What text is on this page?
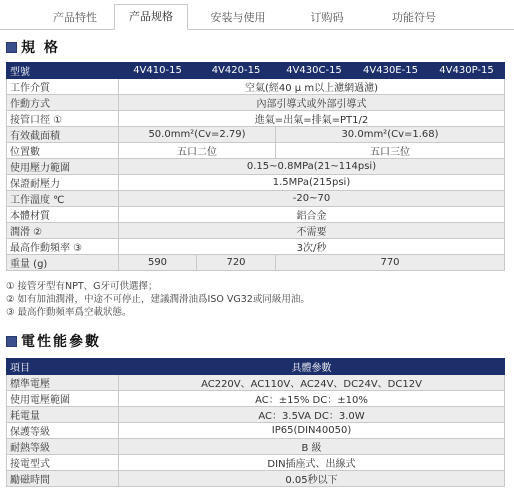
产品特性	产品规格	安装与使用	订购码	功能符号
規 格
型號	4V410-15	4V420-15	4V430C-15	4V430E-15	4V430P-15
工作介質	空氣(經40 μ m以上濾網過濾)				
作動方式	內部引導式或外部引導式				
接管口徑 ①	進氣=出氣=排氣=PT1/2				
有效截面積	50.0mm²(Cv=2.79)		30.0mm²(Cv=1.68)		
位置數	五口二位		五口三位		
使用壓力範圍	0.15~0.8MPa(21~114psi)				
保證耐壓力	1.5MPa(215psi)				
工作溫度 ℃	-20~70				
本體材質	鋁合金				
潤滑 ②	不需要				
最高作動頻率 ③	3次/秒				
重量 (g)	590	720	770		
① 接管牙型有NPT、G牙可供選擇；
② 如有加油潤滑，中途不可停止，建議潤滑油爲ISO VG32或同級用油。
③ 最高作動頻率爲空載狀態。
電性能參數
項目	具體參數
標準電壓	AC220V、AC110V、AC24V、DC24V、DC12V
使用電壓範圍	AC：±15% DC：±10%
耗電量	AC：3.5VA DC：3.0W
保護等級	IP65(DIN40050)
耐熱等級	B 級
接電型式	DIN插座式、出線式
勵磁時間	0.05秒以下
